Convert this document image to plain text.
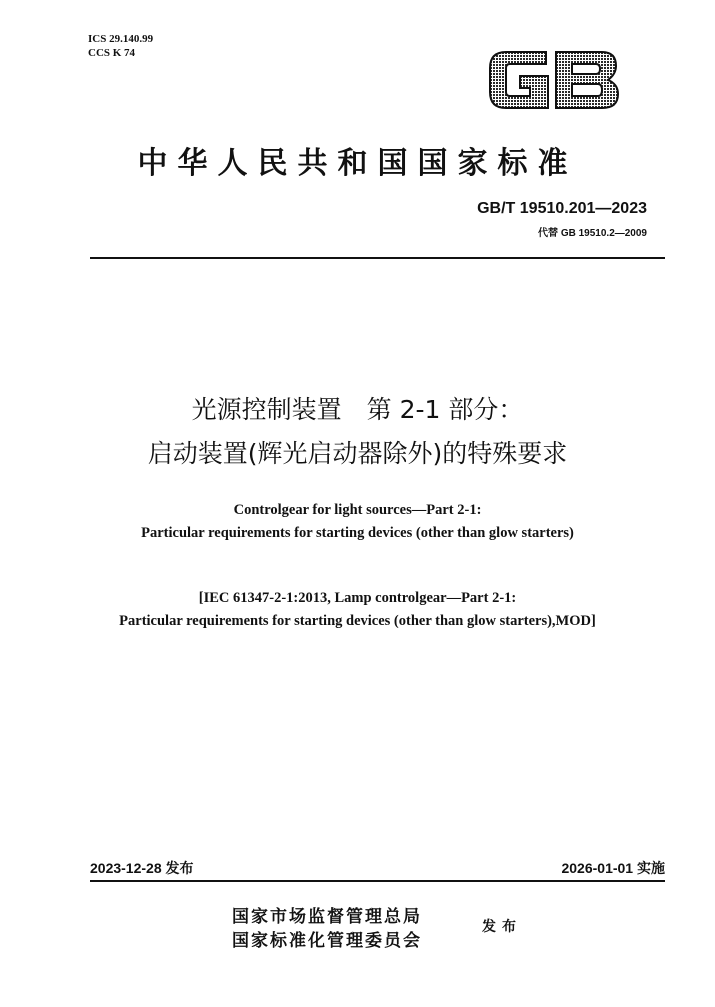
ICS 29.140.99
CCS K 74
中华人民共和国国家标准
GB/T 19510.201—2023
代替 GB 19510.2—2009
光源控制装置　第 2-1 部分：
启动装置(辉光启动器除外)的特殊要求
Controlgear for light sources—Part 2-1:
Particular requirements for starting devices (other than glow starters)
[IEC 61347-2-1:2013, Lamp controlgear—Part 2-1:
Particular requirements for starting devices (other than glow starters),MOD]
2023-12-28 发布	2026-01-01 实施
国家市场监督管理总局
国家标准化管理委员会
发布
